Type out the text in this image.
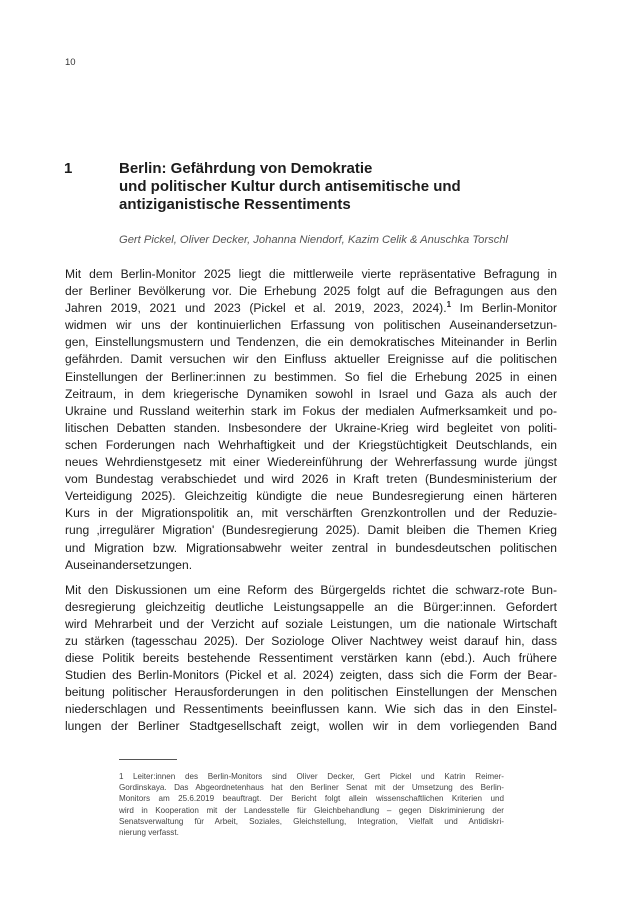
10
1	Berlin: Gefährdung von Demokratie
und politischer Kultur durch antisemitische und
antiziganistische Ressentiments
Gert Pickel, Oliver Decker, Johanna Niendorf, Kazim Celik & Anuschka Torschl
Mit dem Berlin-Monitor 2025 liegt die mittlerweile vierte repräsentative Befragung in
der Berliner Bevölkerung vor. Die Erhebung 2025 folgt auf die Befragungen aus den
Jahren 2019, 2021 und 2023 (Pickel et al. 2019, 2023, 2024).$^1$ Im Berlin-Monitor
widmen wir uns der kontinuierlichen Erfassung von politischen Auseinandersetzun-
gen, Einstellungsmustern und Tendenzen, die ein demokratisches Miteinander in Berlin
gefährden. Damit versuchen wir den Einfluss aktueller Ereignisse auf die politischen
Einstellungen der Berliner:innen zu bestimmen. So fiel die Erhebung 2025 in einen
Zeitraum, in dem kriegerische Dynamiken sowohl in Israel und Gaza als auch der
Ukraine und Russland weiterhin stark im Fokus der medialen Aufmerksamkeit und po-
litischen Debatten standen. Insbesondere der Ukraine-Krieg wird begleitet von politi-
schen Forderungen nach Wehrhaftigkeit und der Kriegstüchtigkeit Deutschlands, ein
neues Wehrdienstgesetz mit einer Wiedereinführung der Wehrerfassung wurde jüngst
vom Bundestag verabschiedet und wird 2026 in Kraft treten (Bundesministerium der
Verteidigung 2025). Gleichzeitig kündigte die neue Bundesregierung einen härteren
Kurs in der Migrationspolitik an, mit verschärften Grenzkontrollen und der Reduzie-
rung ‚irregulärer Migration' (Bundesregierung 2025). Damit bleiben die Themen Krieg
und Migration bzw. Migrationsabwehr weiter zentral in bundesdeutschen politischen
Auseinandersetzungen.
Mit den Diskussionen um eine Reform des Bürgergelds richtet die schwarz-rote Bun-
desregierung gleichzeitig deutliche Leistungsappelle an die Bürger:innen. Gefordert
wird Mehrarbeit und der Verzicht auf soziale Leistungen, um die nationale Wirtschaft
zu stärken (tagesschau 2025). Der Soziologe Oliver Nachtwey weist darauf hin, dass
diese Politik bereits bestehende Ressentiment verstärken kann (ebd.). Auch frühere
Studien des Berlin-Monitors (Pickel et al. 2024) zeigten, dass sich die Form der Bear-
beitung politischer Herausforderungen in den politischen Einstellungen der Menschen
niederschlagen und Ressentiments beeinflussen kann. Wie sich das in den Einstel-
lungen der Berliner Stadtgesellschaft zeigt, wollen wir in dem vorliegenden Band
1 Leiter:innen des Berlin-Monitors sind Oliver Decker, Gert Pickel und Katrin Reimer-
Gordinskaya. Das Abgeordnetenhaus hat den Berliner Senat mit der Umsetzung des Berlin-
Monitors am 25.6.2019 beauftragt. Der Bericht folgt allein wissenschaftlichen Kriterien und
wird in Kooperation mit der Landesstelle für Gleichbehandlung – gegen Diskriminierung der
Senatsverwaltung für Arbeit, Soziales, Gleichstellung, Integration, Vielfalt und Antidiskri-
nierung verfasst.
